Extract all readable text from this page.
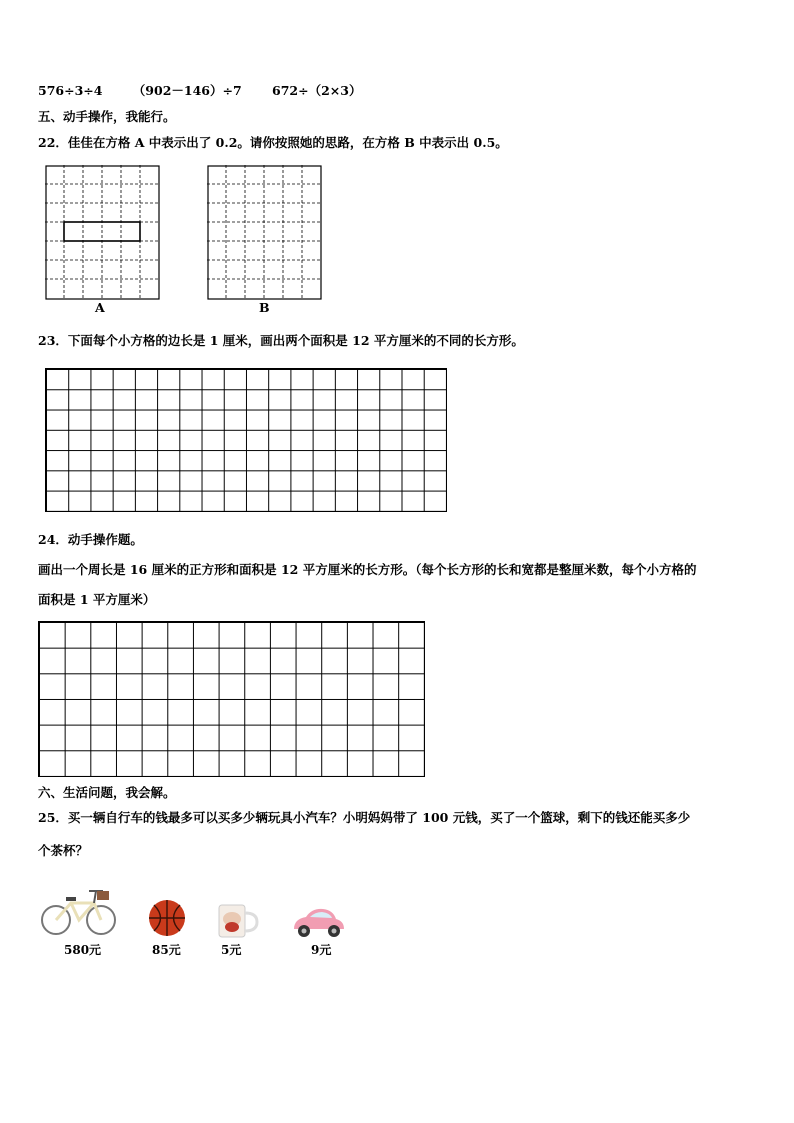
576÷3÷4 （902－146）÷7 672÷（2×3）
五、动手操作，我能行。
22．佳佳在方格 A 中表示出了 0.2。请你按照她的思路，在方格 B 中表示出 0.5。
A	B
23．下面每个小方格的边长是 1 厘米，画出两个面积是 12 平方厘米的不同的长方形。
24．动手操作题。
画出一个周长是 16 厘米的正方形和面积是 12 平方厘米的长方形。（每个长方形的长和宽都是整厘米数，每个小方格的
面积是 1 平方厘米）
六、生活问题，我会解。
25．买一辆自行车的钱最多可以买多少辆玩具小汽车？小明妈妈带了 100 元钱，买了一个篮球，剩下的钱还能买多少
个茶杯？
580元	85元	5元	9元
